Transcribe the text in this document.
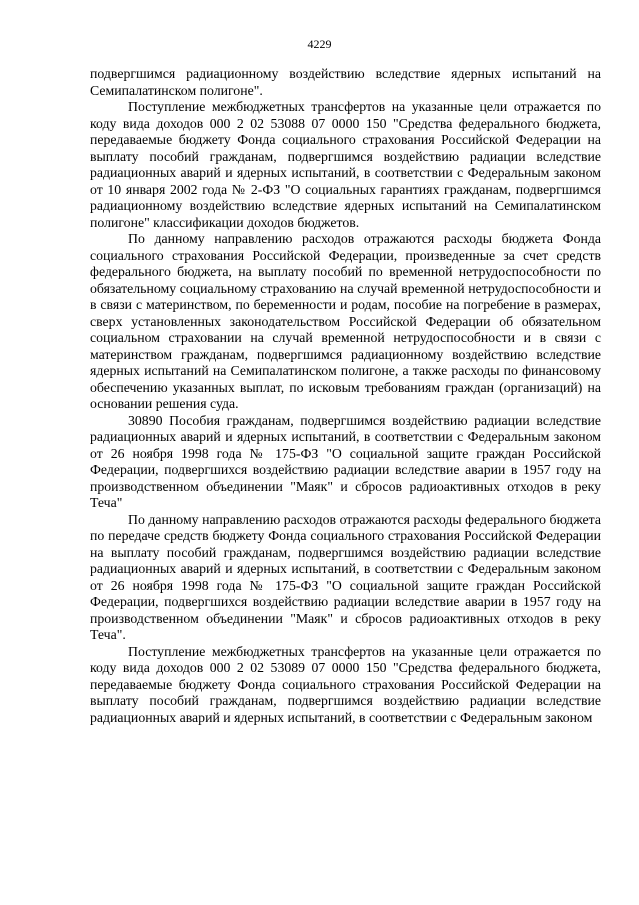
4229

подвергшимся радиационному воздействию вследствие ядерных испытаний на Семипалатинском полигоне".

Поступление межбюджетных трансфертов на указанные цели отражается по коду вида доходов 000 2 02 53088 07 0000 150 "Средства федерального бюджета, передаваемые бюджету Фонда социального страхования Российской Федерации на выплату пособий гражданам, подвергшимся воздействию радиации вследствие радиационных аварий и ядерных испытаний, в соответствии с Федеральным законом от 10 января 2002 года № 2-ФЗ "О социальных гарантиях гражданам, подвергшимся радиационному воздействию вследствие ядерных испытаний на Семипалатинском полигоне" классификации доходов бюджетов.

По данному направлению расходов отражаются расходы бюджета Фонда социального страхования Российской Федерации, произведенные за счет средств федерального бюджета, на выплату пособий по временной нетрудоспособности по обязательному социальному страхованию на случай временной нетрудоспособности и в связи с материнством, по беременности и родам, пособие на погребение в размерах, сверх установленных законодательством Российской Федерации об обязательном социальном страховании на случай временной нетрудоспособности и в связи с материнством гражданам, подвергшимся радиационному воздействию вследствие ядерных испытаний на Семипалатинском полигоне, а также расходы по финансовому обеспечению указанных выплат, по исковым требованиям граждан (организаций) на основании решения суда.

30890 Пособия гражданам, подвергшимся воздействию радиации вследствие радиационных аварий и ядерных испытаний, в соответствии с Федеральным законом от 26 ноября 1998 года № 175-ФЗ "О социальной защите граждан Российской Федерации, подвергшихся воздействию радиации вследствие аварии в 1957 году на производственном объединении "Маяк" и сбросов радиоактивных отходов в реку Теча"

По данному направлению расходов отражаются расходы федерального бюджета по передаче средств бюджету Фонда социального страхования Российской Федерации на выплату пособий гражданам, подвергшимся воздействию радиации вследствие радиационных аварий и ядерных испытаний, в соответствии с Федеральным законом от 26 ноября 1998 года № 175-ФЗ "О социальной защите граждан Российской Федерации, подвергшихся воздействию радиации вследствие аварии в 1957 году на производственном объединении "Маяк" и сбросов радиоактивных отходов в реку Теча".

Поступление межбюджетных трансфертов на указанные цели отражается по коду вида доходов 000 2 02 53089 07 0000 150 "Средства федерального бюджета, передаваемые бюджету Фонда социального страхования Российской Федерации на выплату пособий гражданам, подвергшимся воздействию радиации вследствие радиационных аварий и ядерных испытаний, в соответствии с Федеральным законом
